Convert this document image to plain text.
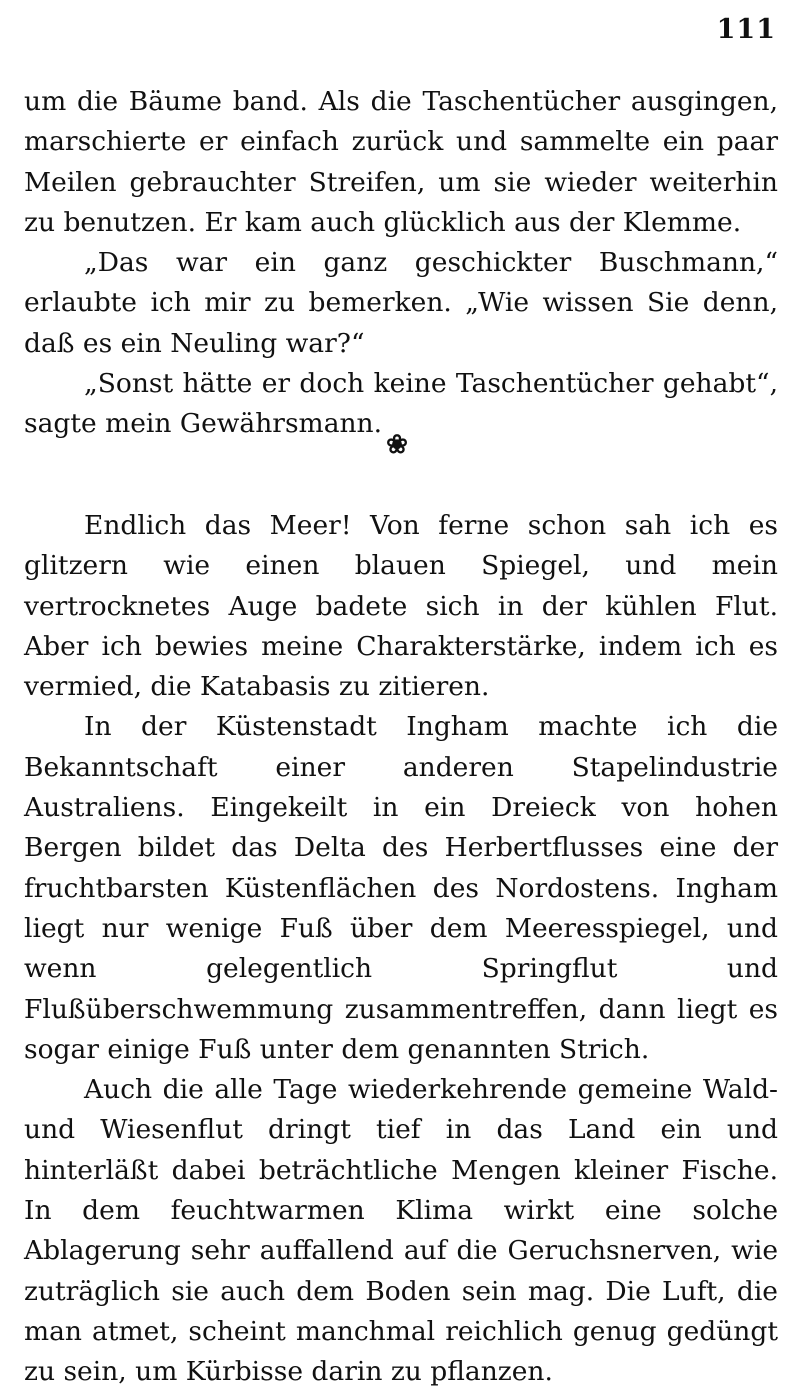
111

um die Bäume band. Als die Taschentücher ausgingen, marschierte er einfach zurück und sammelte ein paar Meilen gebrauchter Streifen, um sie wieder weiterhin zu benutzen. Er kam auch glücklich aus der Klemme.

„Das war ein ganz geschickter Buschmann,“ erlaubte ich mir zu bemerken. „Wie wissen Sie denn, daß es ein Neuling war?“

„Sonst hätte er doch keine Taschentücher gehabt“, sagte mein Gewährsmann.

❀

Endlich das Meer! Von ferne schon sah ich es glitzern wie einen blauen Spiegel, und mein vertrocknetes Auge badete sich in der kühlen Flut. Aber ich bewies meine Charakterstärke, indem ich es vermied, die Katabasis zu zitieren.

In der Küstenstadt Ingham machte ich die Bekanntschaft einer anderen Stapelindustrie Australiens. Eingekeilt in ein Dreieck von hohen Bergen bildet das Delta des Herbertflusses eine der fruchtbarsten Küstenflächen des Nordostens. Ingham liegt nur wenige Fuß über dem Meeresspiegel, und wenn gelegentlich Springflut und Flußüberschwemmung zusammentreffen, dann liegt es sogar einige Fuß unter dem genannten Strich.

Auch die alle Tage wiederkehrende gemeine Wald- und Wiesenflut dringt tief in das Land ein und hinterläßt dabei beträchtliche Mengen kleiner Fische. In dem feuchtwarmen Klima wirkt eine solche Ablagerung sehr auffallend auf die Geruchsnerven, wie zuträglich sie auch dem Boden sein mag. Die Luft, die man atmet, scheint manchmal reichlich genug gedüngt zu sein, um Kürbisse darin zu pflanzen.
